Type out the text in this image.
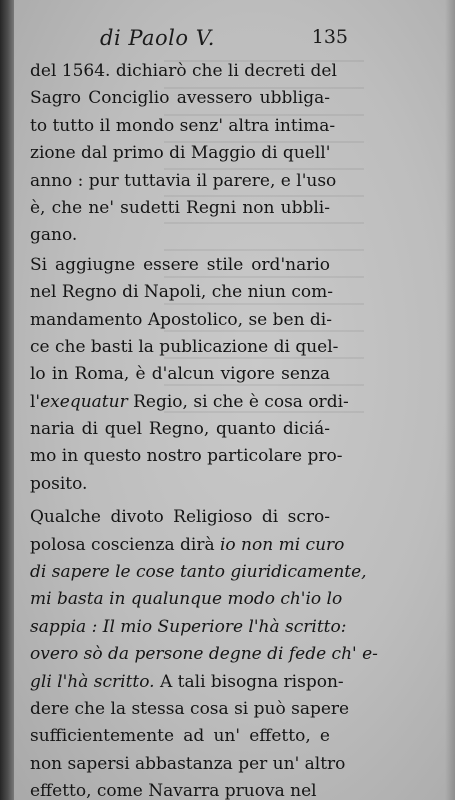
di Paolo V.	135
del 1564. dichiarò che li decreti del
Sagro Conciglio avessero ubbliga-
to tutto il mondo senz' altra intima-
zione dal primo di Maggio di quell'
anno : pur tuttavia il parere, e l'uso
è, che ne' sudetti Regni non ubbli-
gano.
Si aggiugne essere stile ord'nario
nel Regno di Napoli, che niun com-
mandamento Apostolico, se ben di-
ce che basti la publicazione di quel-
lo in Roma, è d'alcun vigore senza
l'exequatur Regio, si che è cosa ordi-
naria di quel Regno, quanto diciá-
mo in questo nostro particolare pro-
posito.
Qualche divoto Religioso di scro-
polosa coscienza dirà io non mi curo
di sapere le cose tanto giuridicamente,
mi basta in qualunque modo ch'io lo
sappia : Il mio Superiore l'hà scritto:
overo sò da persone degne di fede ch' e-
gli l'hà scritto. A tali bisogna rispon-
dere che la stessa cosa si può sapere
sufficientemente ad un' effetto, e
non sapersi abbastanza per un' altro
effetto, come Navarra pruova nel
